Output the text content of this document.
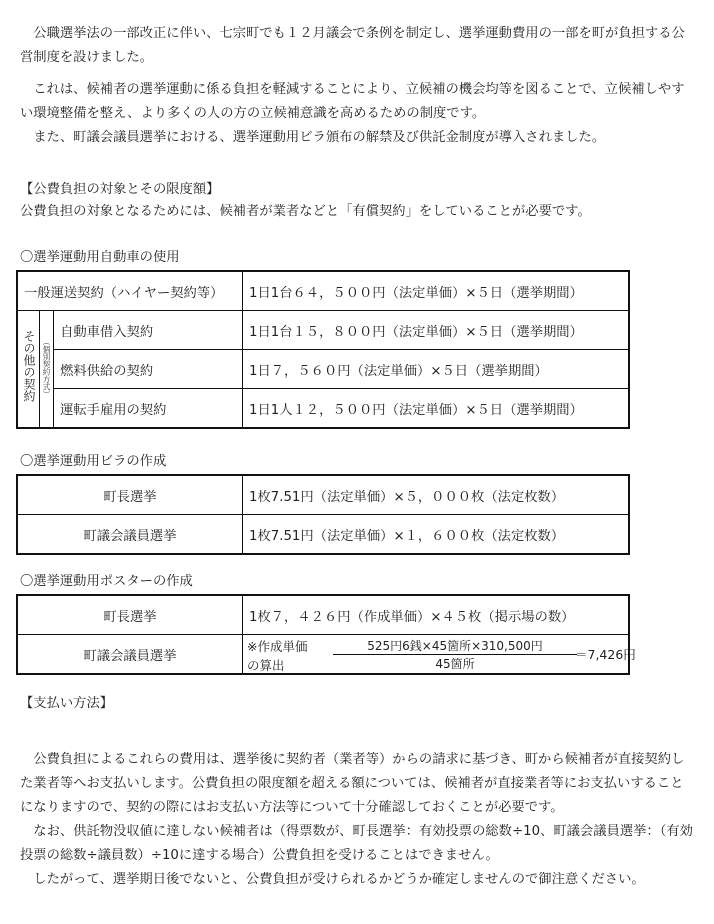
　公職選挙法の一部改正に伴い、七宗町でも１２月議会で条例を制定し、選挙運動費用の一部を町が負担する公営制度を設けました。

　これは、候補者の選挙運動に係る負担を軽減することにより、立候補の機会均等を図ることで、立候補しやすい環境整備を整え、より多くの人の方の立候補意識を高めるための制度です。

　また、町議会議員選挙における、選挙運動用ビラ頒布の解禁及び供託金制度が導入されました。

【公費負担の対象とその限度額】

公費負担の対象となるためには、候補者が業者などと「有償契約」をしていることが必要です。

〇選挙運動用自動車の使用

一般運送契約（ハイヤー契約等）			1日1台６４，５００円（法定単価）×５日（選挙期間）
その他の契約	（個別契約方式）	自動車借入契約	1日1台１５，８００円（法定単価）×５日（選挙期間）
		燃料供給の契約	1日７，５６０円（法定単価）×５日（選挙期間）
		運転手雇用の契約	1日1人１２，５００円（法定単価）×５日（選挙期間）

〇選挙運動用ビラの作成

町長選挙	1枚7.51円（法定単価）×５，０００枚（法定枚数）
町議会議員選挙	1枚7.51円（法定単価）×１，６００枚（法定枚数）

〇選挙運動用ポスターの作成

町長選挙	1枚７，４２６円（作成単価）×４５枚（掲示場の数）
町議会議員選挙	※作成単価
の算出
525円6銭×45箇所×310,500円
45箇所
＝7,426円

【支払い方法】

　公費負担によるこれらの費用は、選挙後に契約者（業者等）からの請求に基づき、町から候補者が直接契約した業者等へお支払いします。公費負担の限度額を超える額については、候補者が直接業者等にお支払いすることになりますので、契約の際にはお支払い方法等について十分確認しておくことが必要です。

　なお、供託物没収値に達しない候補者は（得票数が、町長選挙：有効投票の総数÷10、町議会議員選挙：（有効投票の総数÷議員数）÷10に達する場合）公費負担を受けることはできません。

　したがって、選挙期日後でないと、公費負担が受けられるかどうか確定しませんので御注意ください。
